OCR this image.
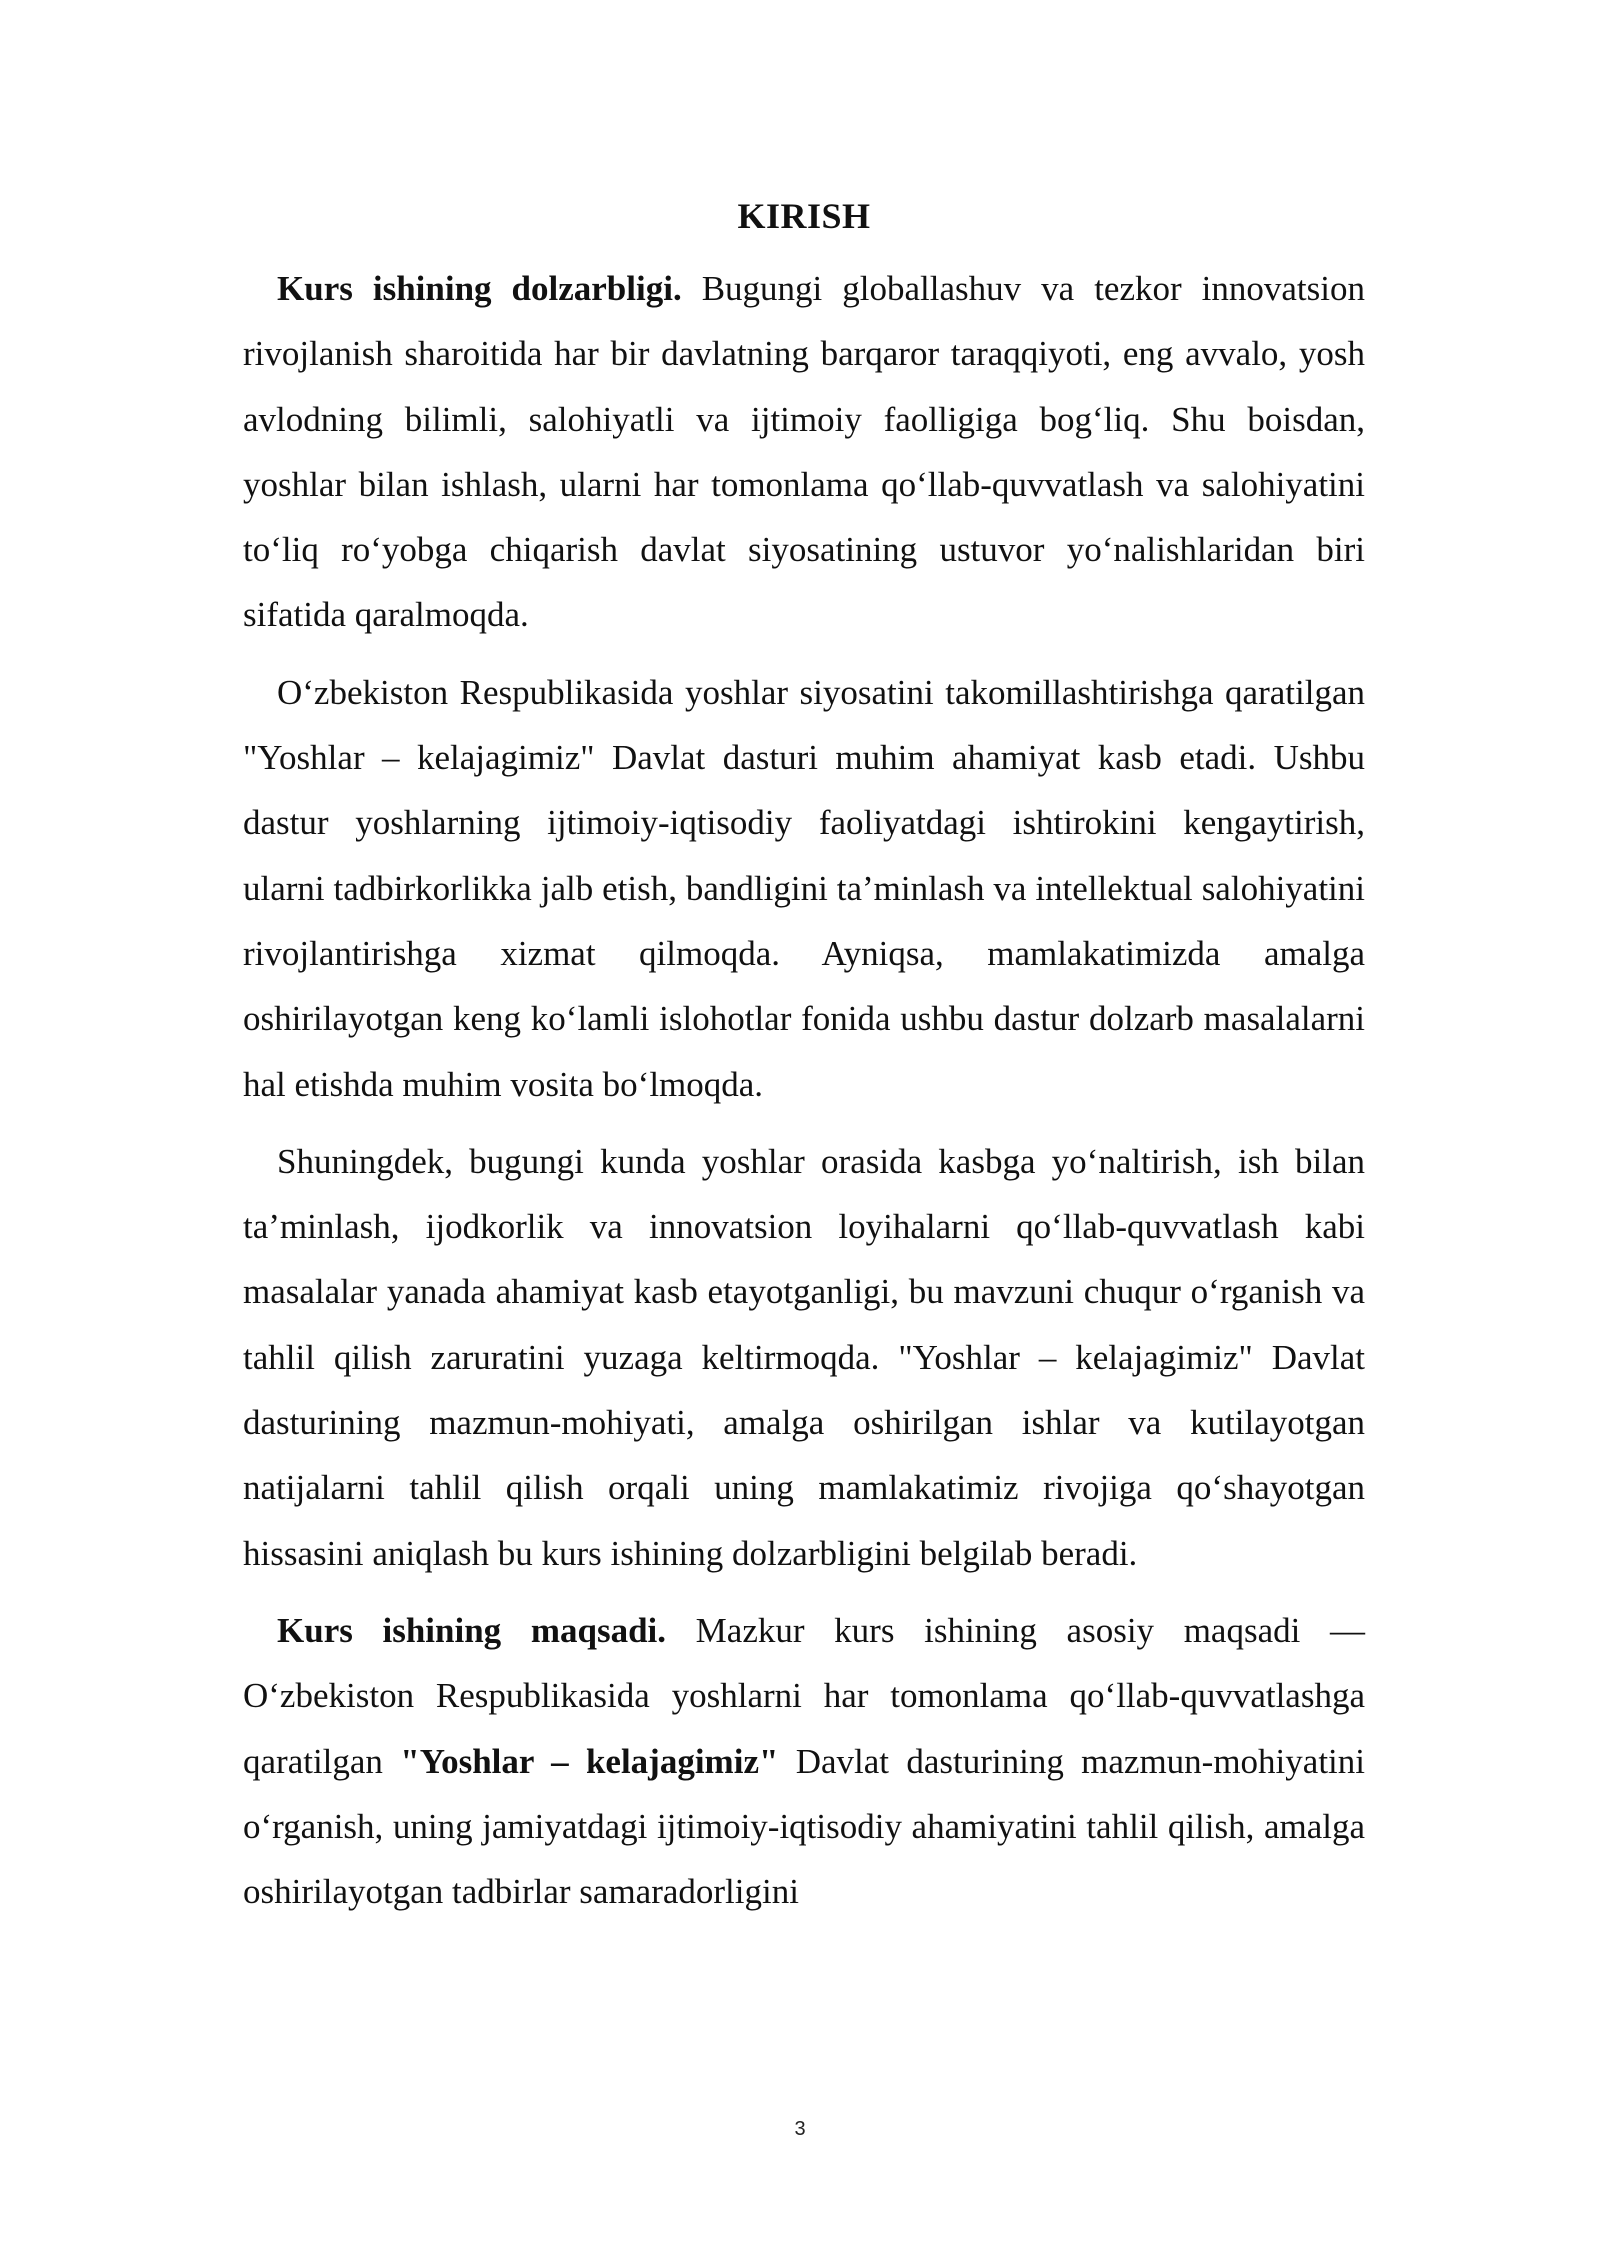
KIRISH

Kurs ishining dolzarbligi. Bugungi globallashuv va tezkor innovatsion rivojlanish sharoitida har bir davlatning barqaror taraqqiyoti, eng avvalo, yosh avlodning bilimli, salohiyatli va ijtimoiy faolligiga bog‘liq. Shu boisdan, yoshlar bilan ishlash, ularni har tomonlama qo‘llab-quvvatlash va salohiyatini to‘liq ro‘yobga chiqarish davlat siyosatining ustuvor yo‘nalishlaridan biri sifatida qaralmoqda.

O‘zbekiston Respublikasida yoshlar siyosatini takomillashtirishga qaratilgan "Yoshlar – kelajagimiz" Davlat dasturi muhim ahamiyat kasb etadi. Ushbu dastur yoshlarning ijtimoiy-iqtisodiy faoliyatdagi ishtirokini kengaytirish, ularni tadbirkorlikka jalb etish, bandligini ta’minlash va intellektual salohiyatini rivojlantirishga xizmat qilmoqda. Ayniqsa, mamlakatimizda amalga oshirilayotgan keng ko‘lamli islohotlar fonida ushbu dastur dolzarb masalalarni hal etishda muhim vosita bo‘lmoqda.

Shuningdek, bugungi kunda yoshlar orasida kasbga yo‘naltirish, ish bilan ta’minlash, ijodkorlik va innovatsion loyihalarni qo‘llab-quvvatlash kabi masalalar yanada ahamiyat kasb etayotganligi, bu mavzuni chuqur o‘rganish va tahlil qilish zaruratini yuzaga keltirmoqda. "Yoshlar – kelajagimiz" Davlat dasturining mazmun-mohiyati, amalga oshirilgan ishlar va kutilayotgan natijalarni tahlil qilish orqali uning mamlakatimiz rivojiga qo‘shayotgan hissasini aniqlash bu kurs ishining dolzarbligini belgilab beradi.

Kurs ishining maqsadi. Mazkur kurs ishining asosiy maqsadi — O‘zbekiston Respublikasida yoshlarni har tomonlama qo‘llab-quvvatlashga qaratilgan "Yoshlar – kelajagimiz" Davlat dasturining mazmun-mohiyatini o‘rganish, uning jamiyatdagi ijtimoiy-iqtisodiy ahamiyatini tahlil qilish, amalga oshirilayotgan tadbirlar samaradorligini

3
